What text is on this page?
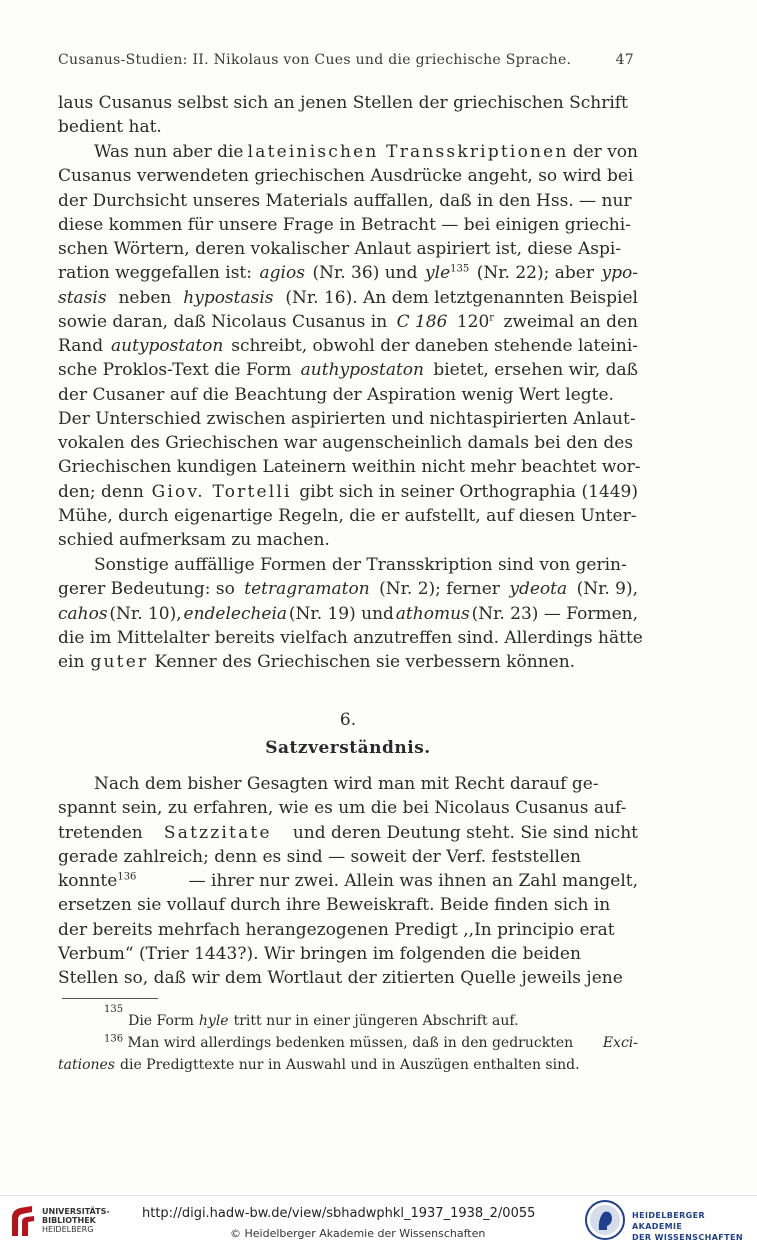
Cusanus-Studien: II. Nikolaus von Cues und die griechische Sprache.	47
laus Cusanus selbst sich an jenen Stellen der griechischen Schrift
bedient hat.
Was nun aber die lateinischen Transskriptionen der von
Cusanus verwendeten griechischen Ausdrücke angeht, so wird bei
der Durchsicht unseres Materials auffallen, daß in den Hss. — nur
diese kommen für unsere Frage in Betracht — bei einigen griechi-
schen Wörtern, deren vokalischer Anlaut aspiriert ist, diese Aspi-
ration weggefallen ist: agios (Nr. 36) und yle$^{135}$ (Nr. 22); aber ypo-
stasis neben hypostasis (Nr. 16). An dem letztgenannten Beispiel
sowie daran, daß Nicolaus Cusanus in C 186 120$^r$ zweimal an den
Rand autypostaton schreibt, obwohl der daneben stehende lateini-
sche Proklos-Text die Form authypostaton bietet, ersehen wir, daß
der Cusaner auf die Beachtung der Aspiration wenig Wert legte.
Der Unterschied zwischen aspirierten und nichtaspirierten Anlaut-
vokalen des Griechischen war augenscheinlich damals bei den des
Griechischen kundigen Lateinern weithin nicht mehr beachtet wor-
den; denn Giov. Tortelli gibt sich in seiner Orthographia (1449)
Mühe, durch eigenartige Regeln, die er aufstellt, auf diesen Unter-
schied aufmerksam zu machen.
Sonstige auffällige Formen der Transskription sind von gerin-
gerer Bedeutung: so tetragramaton (Nr. 2); ferner ydeota (Nr. 9),
cahos (Nr. 10), endelecheia (Nr. 19) und athomus (Nr. 23) — Formen,
die im Mittelalter bereits vielfach anzutreffen sind. Allerdings hätte
ein guter Kenner des Griechischen sie verbessern können.
6.
Satzverständnis.
Nach dem bisher Gesagten wird man mit Recht darauf ge-
spannt sein, zu erfahren, wie es um die bei Nicolaus Cusanus auf-
tretenden Satzzitate und deren Deutung steht. Sie sind nicht
gerade zahlreich; denn es sind — soweit der Verf. feststellen
konnte$^{136}$	— ihrer nur zwei. Allein was ihnen an Zahl mangelt,
ersetzen sie vollauf durch ihre Beweiskraft. Beide finden sich in
der bereits mehrfach herangezogenen Predigt ,,In principio erat
Verbum“ (Trier 1443?). Wir bringen im folgenden die beiden
Stellen so, daß wir dem Wortlaut der zitierten Quelle jeweils jene
135
Die Form hyle tritt nur in einer jüngeren Abschrift auf.
$^{136}$ Man wird allerdings bedenken müssen, daß in den gedruckten Exci-
tationes die Predigttexte nur in Auswahl und in Auszügen enthalten sind.
UNIVERSITÄTS-
BIBLIOTHEK
HEIDELBERG
http://digi.hadw-bw.de/view/sbhadwphkl_1937_1938_2/0055
© Heidelberger Akademie der Wissenschaften
HEIDELBERGER AKADEMIE
DER WISSENSCHAFTEN
